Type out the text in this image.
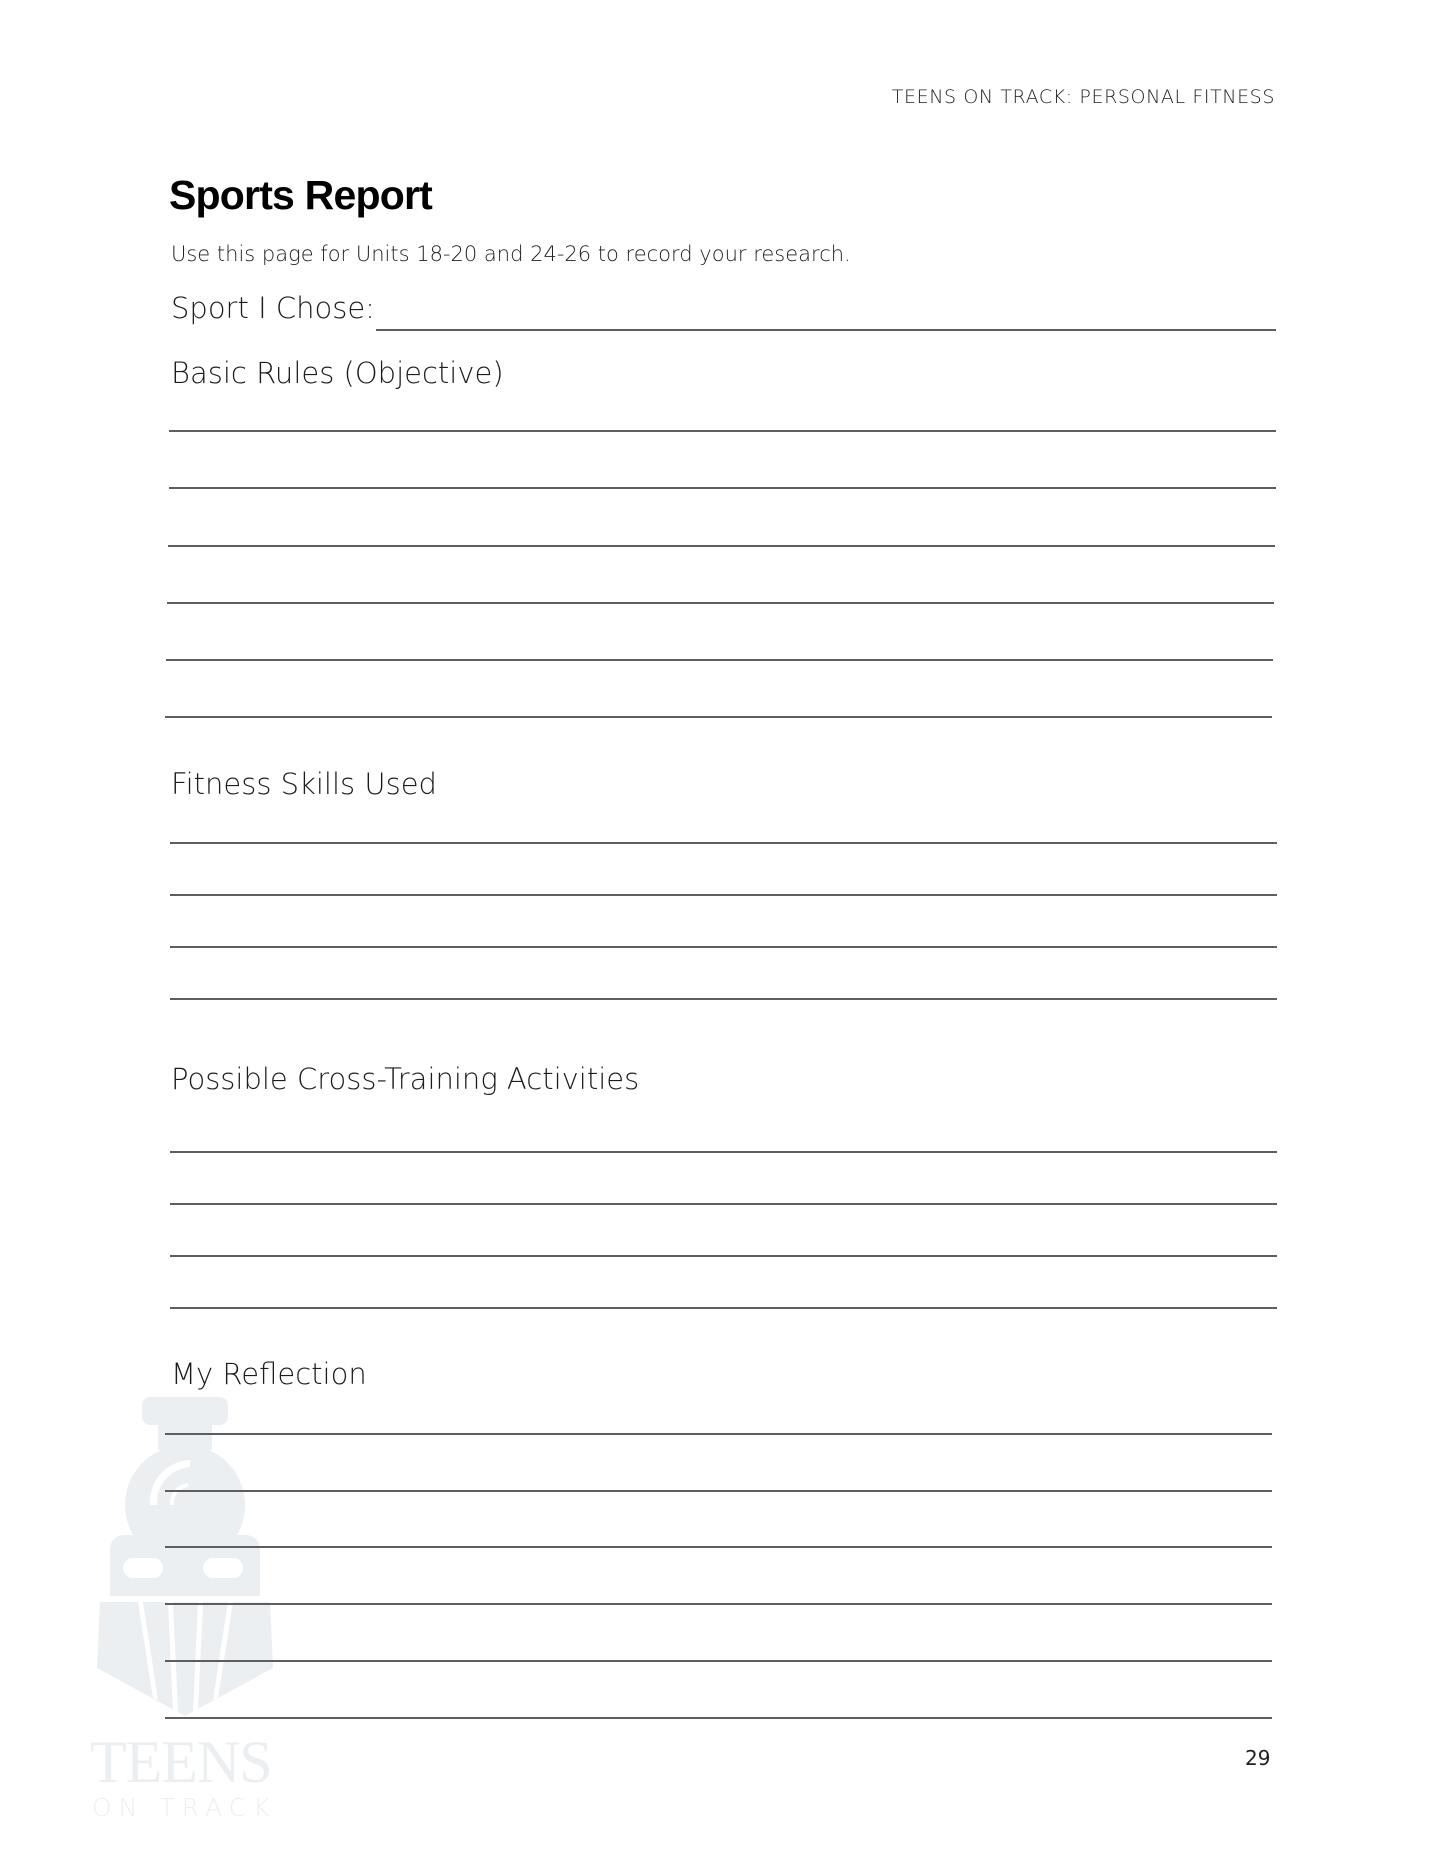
TEENS
ON TRACK
TEENS ON TRACK: PERSONAL FITNESS
Sports Report
Use this page for Units 18-20 and 24-26 to record your research.
Sport I Chose:
Basic Rules (Objective)
Fitness Skills Used
Possible Cross-Training Activities
My Reflection
29
